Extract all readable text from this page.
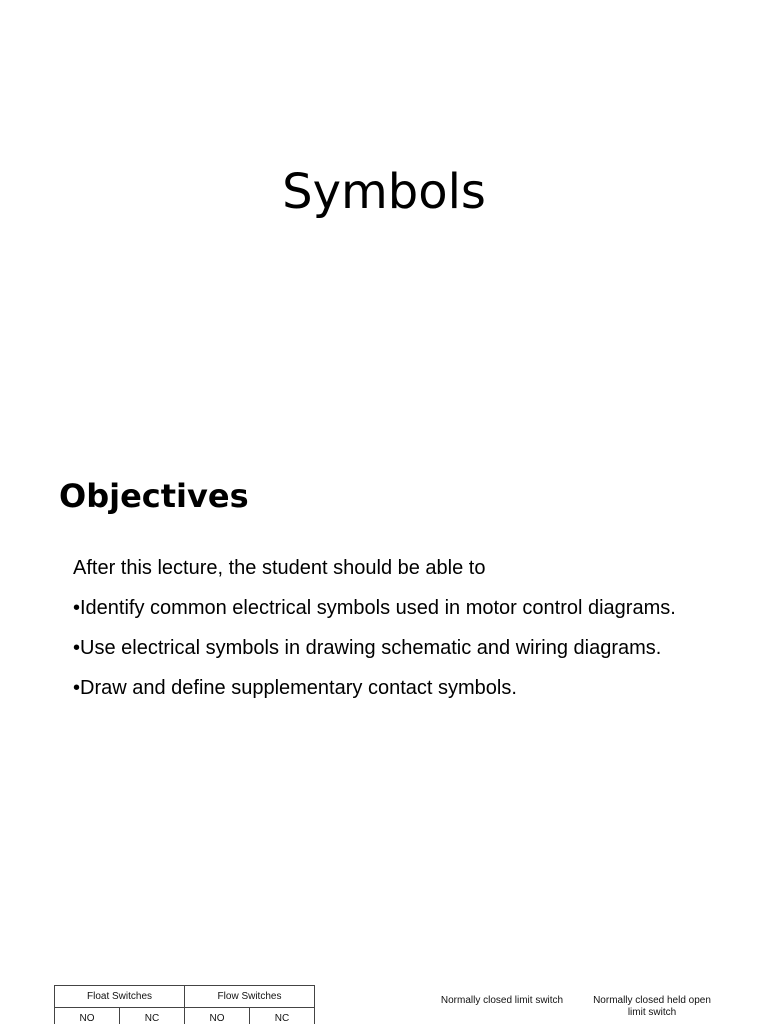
Symbols
Objectives
After this lecture, the student should be able to
•Identify common electrical symbols used in motor control diagrams.
•Use electrical symbols in drawing schematic and wiring diagrams.
•Draw and define supplementary contact symbols.
Float Switches		Flow Switches	
NO	NC	NO	NC
Normally closed limit switch	Normally closed held open limit switch
